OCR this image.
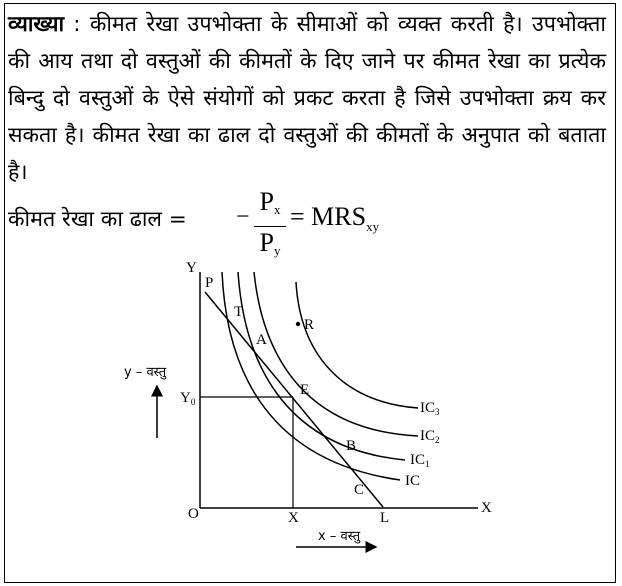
व्याख्या : कीमत रेखा उपभोक्ता के सीमाओं को व्यक्त करती है। उपभोक्ता की आय तथा दो वस्तुओं की कीमतों के दिए जाने पर कीमत रेखा का प्रत्येक बिन्दु दो वस्तुओं के ऐसे संयोगों को प्रकट करता है जिसे उपभोक्ता क्रय कर सकता है। कीमत रेखा का ढाल दो वस्तुओं की कीमतों के अनुपात को बताता है।
कीमत रेखा का ढाल = −
$P_x$
$P_y$
= $MRS_{xy}$
Y
X
O
y – वस्तु
x – वस्तु
P
L
$Y_0$
X
IC
$IC_1$
$IC_2$
$IC_3$
T
A
E
B
C
R
